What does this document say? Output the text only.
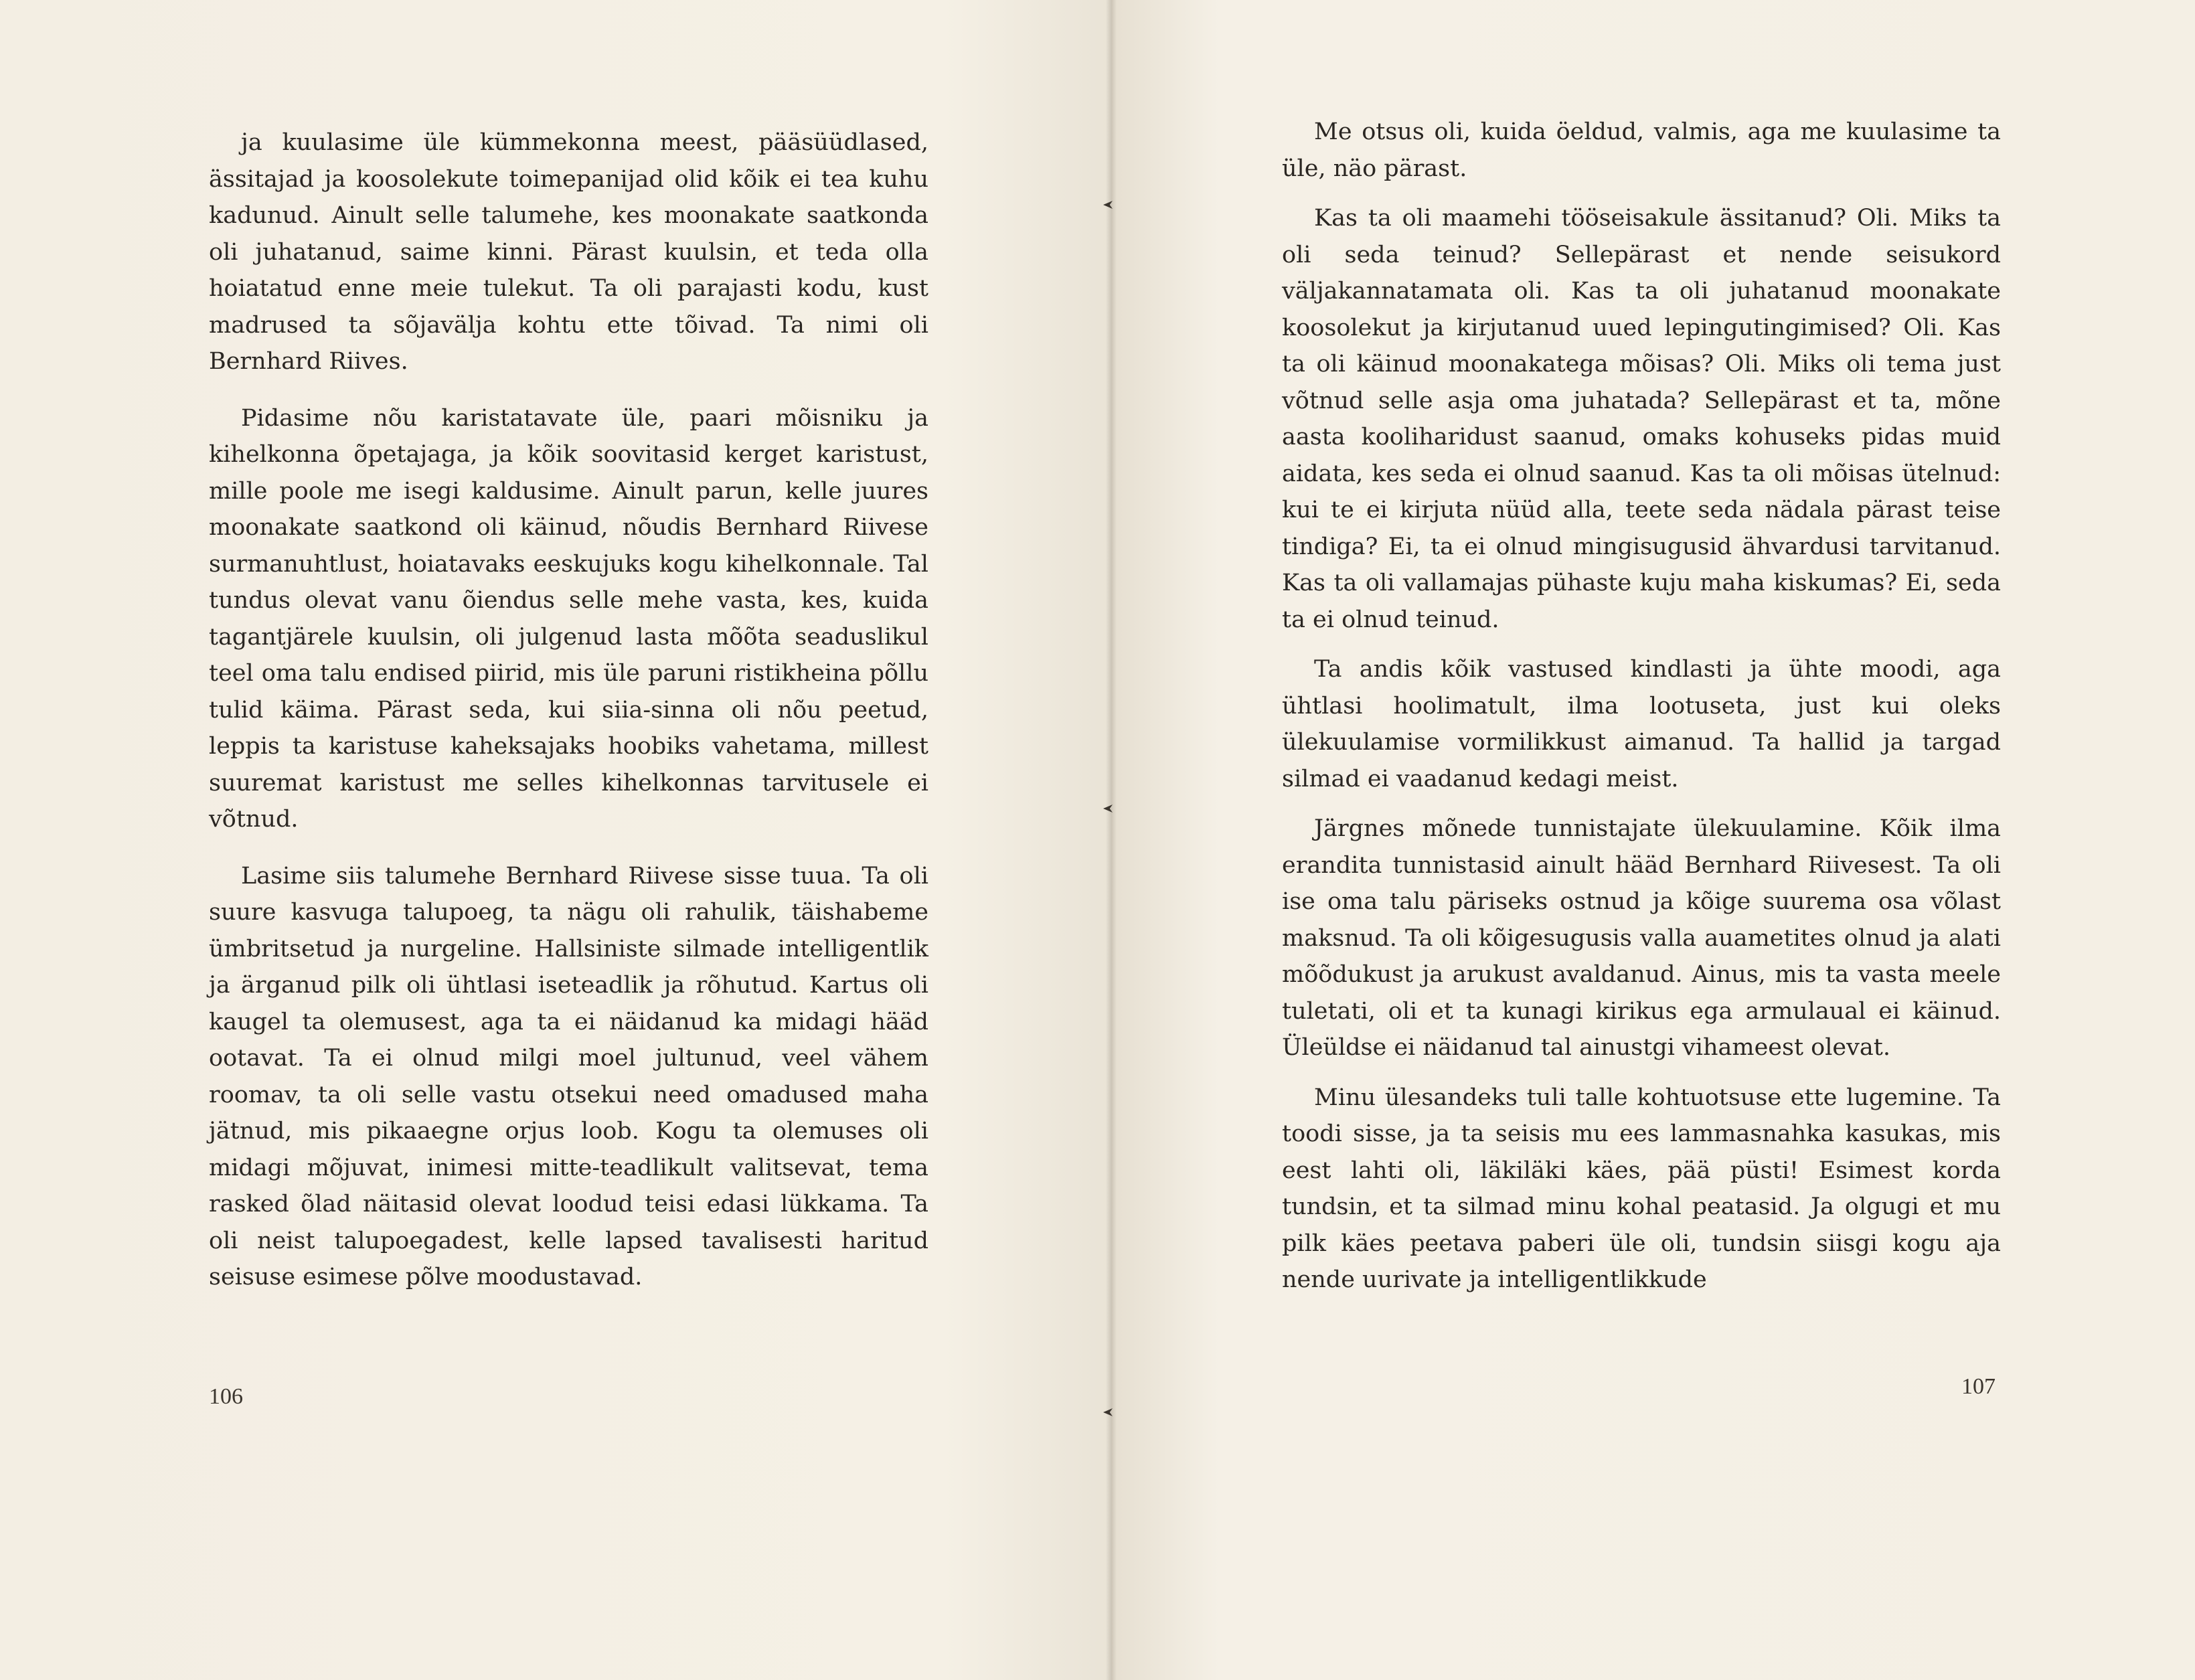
ja kuulasime üle kümmekonna meest, pääsüüdlased, ässitajad ja koosolekute toimepanijad olid kõik ei tea kuhu kadunud. Ainult selle talumehe, kes moonakate saatkonda oli juhatanud, saime kinni. Pärast kuulsin, et teda olla hoiatatud enne meie tulekut. Ta oli parajasti kodu, kust madrused ta sõjavälja kohtu ette tõivad. Ta nimi oli Bernhard Riives.

Pidasime nõu karistatavate üle, paari mõisniku ja kihelkonna õpetajaga, ja kõik soovitasid kerget karistust, mille poole me isegi kaldusime. Ainult parun, kelle juures moonakate saatkond oli käinud, nõudis Bernhard Riivese surmanuhtlust, hoiatavaks eeskujuks kogu kihelkonnale. Tal tundus olevat vanu õiendus selle mehe vasta, kes, kuida tagantjärele kuulsin, oli julgenud lasta mõõta seaduslikul teel oma talu endised piirid, mis üle paruni ristikheina põllu tulid käima. Pärast seda, kui siia-sinna oli nõu peetud, leppis ta karistuse kaheksajaks hoobiks vahetama, millest suuremat karistust me selles kihelkonnas tarvitusele ei võtnud.

Lasime siis talumehe Bernhard Riivese sisse tuua. Ta oli suure kasvuga talupoeg, ta nägu oli rahulik, täishabeme ümbritsetud ja nurgeline. Hallsiniste silmade intelligentlik ja ärganud pilk oli ühtlasi iseteadlik ja rõhutud. Kartus oli kaugel ta olemusest, aga ta ei näidanud ka midagi hääd ootavat. Ta ei olnud milgi moel jultunud, veel vähem roomav, ta oli selle vastu otsekui need omadused maha jätnud, mis pikaaegne orjus loob. Kogu ta olemuses oli midagi mõjuvat, inimesi mitte-teadlikult valitsevat, tema rasked õlad näitasid olevat loodud teisi edasi lükkama. Ta oli neist talupoegadest, kelle lapsed tavalisesti haritud seisuse esimese põlve moodustavad.

106

Me otsus oli, kuida öeldud, valmis, aga me kuulasime ta üle, näo pärast.

Kas ta oli maamehi tööseisakule ässitanud? Oli. Miks ta oli seda teinud? Sellepärast et nende seisukord väljakannatamata oli. Kas ta oli juhatanud moonakate koosolekut ja kirjutanud uued lepingutingimised? Oli. Kas ta oli käinud moonakatega mõisas? Oli. Miks oli tema just võtnud selle asja oma juhatada? Sellepärast et ta, mõne aasta kooliharidust saanud, omaks kohuseks pidas muid aidata, kes seda ei olnud saanud. Kas ta oli mõisas ütelnud: kui te ei kirjuta nüüd alla, teete seda nädala pärast teise tindiga? Ei, ta ei olnud mingisugusid ähvardusi tarvitanud. Kas ta oli vallamajas pühaste kuju maha kiskumas? Ei, seda ta ei olnud teinud.

Ta andis kõik vastused kindlasti ja ühte moodi, aga ühtlasi hoolimatult, ilma lootuseta, just kui oleks ülekuulamise vormilikkust aimanud. Ta hallid ja targad silmad ei vaadanud kedagi meist.

Järgnes mõnede tunnistajate ülekuulamine. Kõik ilma erandita tunnistasid ainult hääd Bernhard Riivesest. Ta oli ise oma talu päriseks ostnud ja kõige suurema osa võlast maksnud. Ta oli kõigesugusis valla auametites olnud ja alati mõõdukust ja arukust avaldanud. Ainus, mis ta vasta meele tuletati, oli et ta kunagi kirikus ega armulaual ei käinud. Üleüldse ei näidanud tal ainustgi vihameest olevat.

Minu ülesandeks tuli talle kohtuotsuse ette lugemine. Ta toodi sisse, ja ta seisis mu ees lammasnahka kasukas, mis eest lahti oli, läkiläki käes, pää püsti! Esimest korda tundsin, et ta silmad minu kohal peatasid. Ja olgugi et mu pilk käes peetava paberi üle oli, tundsin siisgi kogu aja nende uurivate ja intelligentlikkude

107
